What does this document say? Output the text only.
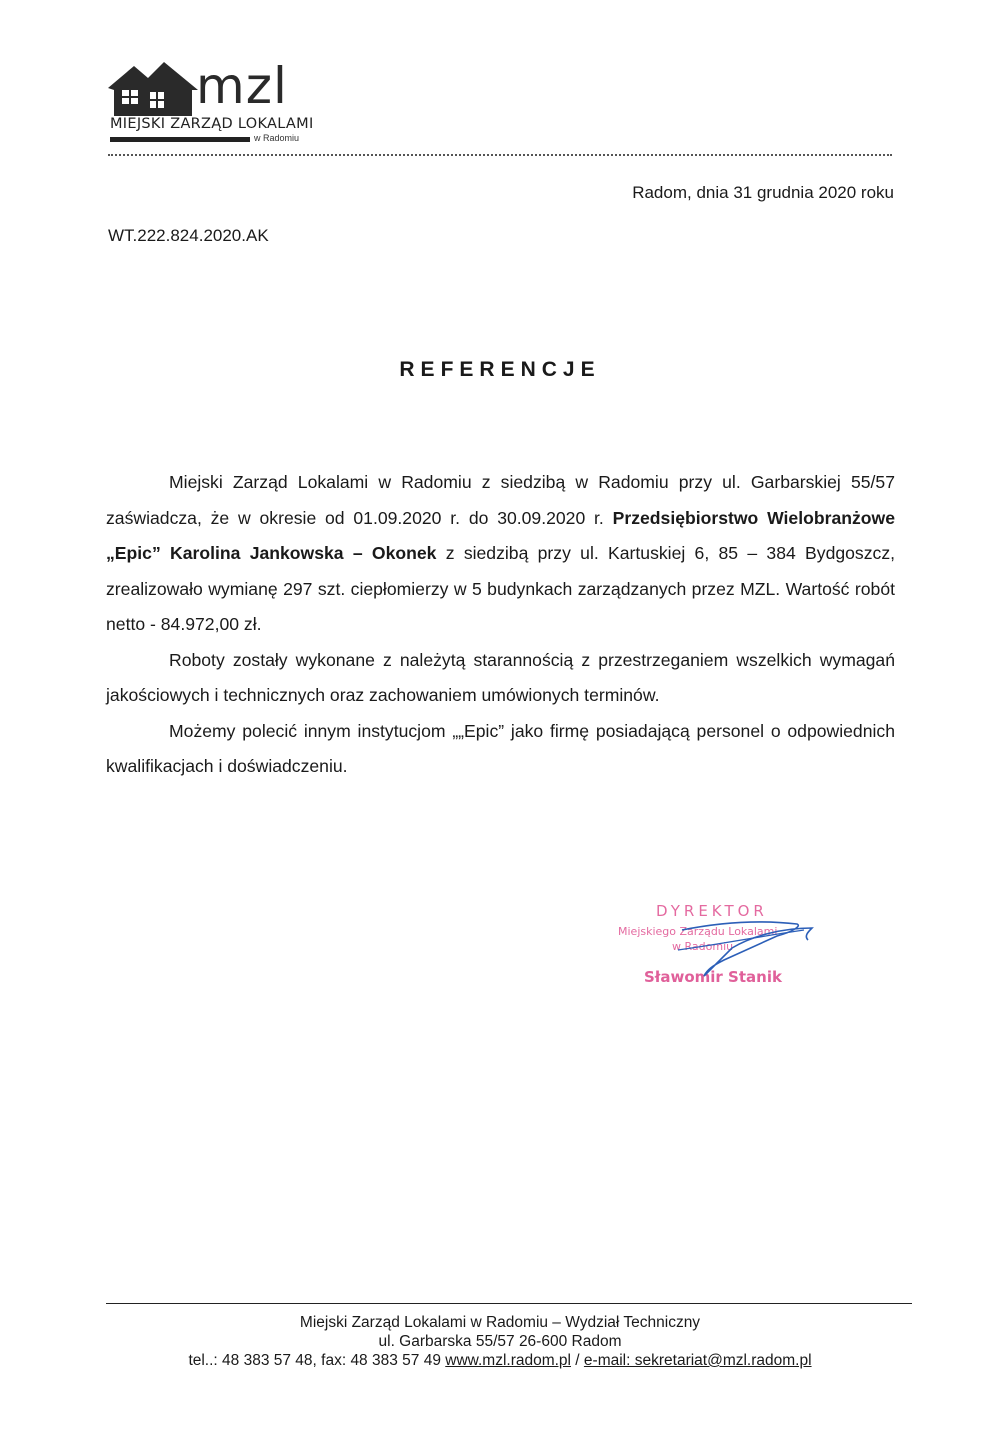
mzl
MIEJSKI ZARZĄD LOKALAMI
w Radomiu
Radom, dnia 31 grudnia 2020 roku
WT.222.824.2020.AK
REFERENCJE

Miejski Zarząd Lokalami w Radomiu z siedzibą w Radomiu przy ul. Garbarskiej 55/57 zaświadcza, że w okresie od 01.09.2020 r. do 30.09.2020 r. Przedsiębiorstwo Wielobranżowe „Epic” Karolina Jankowska – Okonek z siedzibą przy ul. Kartuskiej 6, 85 – 384 Bydgoszcz, zrealizowało wymianę 297 szt. ciepłomierzy w 5 budynkach zarządzanych przez MZL. Wartość robót netto - 84.972,00 zł.

Roboty zostały wykonane z należytą starannością z przestrzeganiem wszelkich wymagań jakościowych i technicznych oraz zachowaniem umówionych terminów.

Możemy polecić innym instytucjom „„Epic” jako firmę posiadającą personel o odpowiednich kwalifikacjach i doświadczeniu.

DYREKTOR
Miejskiego Zarządu Lokalami
w Radomiu
Sławomir Stanik
Miejski Zarząd Lokalami w Radomiu – Wydział Techniczny
ul. Garbarska 55/57 26-600 Radom
tel..: 48 383 57 48, fax: 48 383 57 49 www.mzl.radom.pl / e-mail: sekretariat@mzl.radom.pl
